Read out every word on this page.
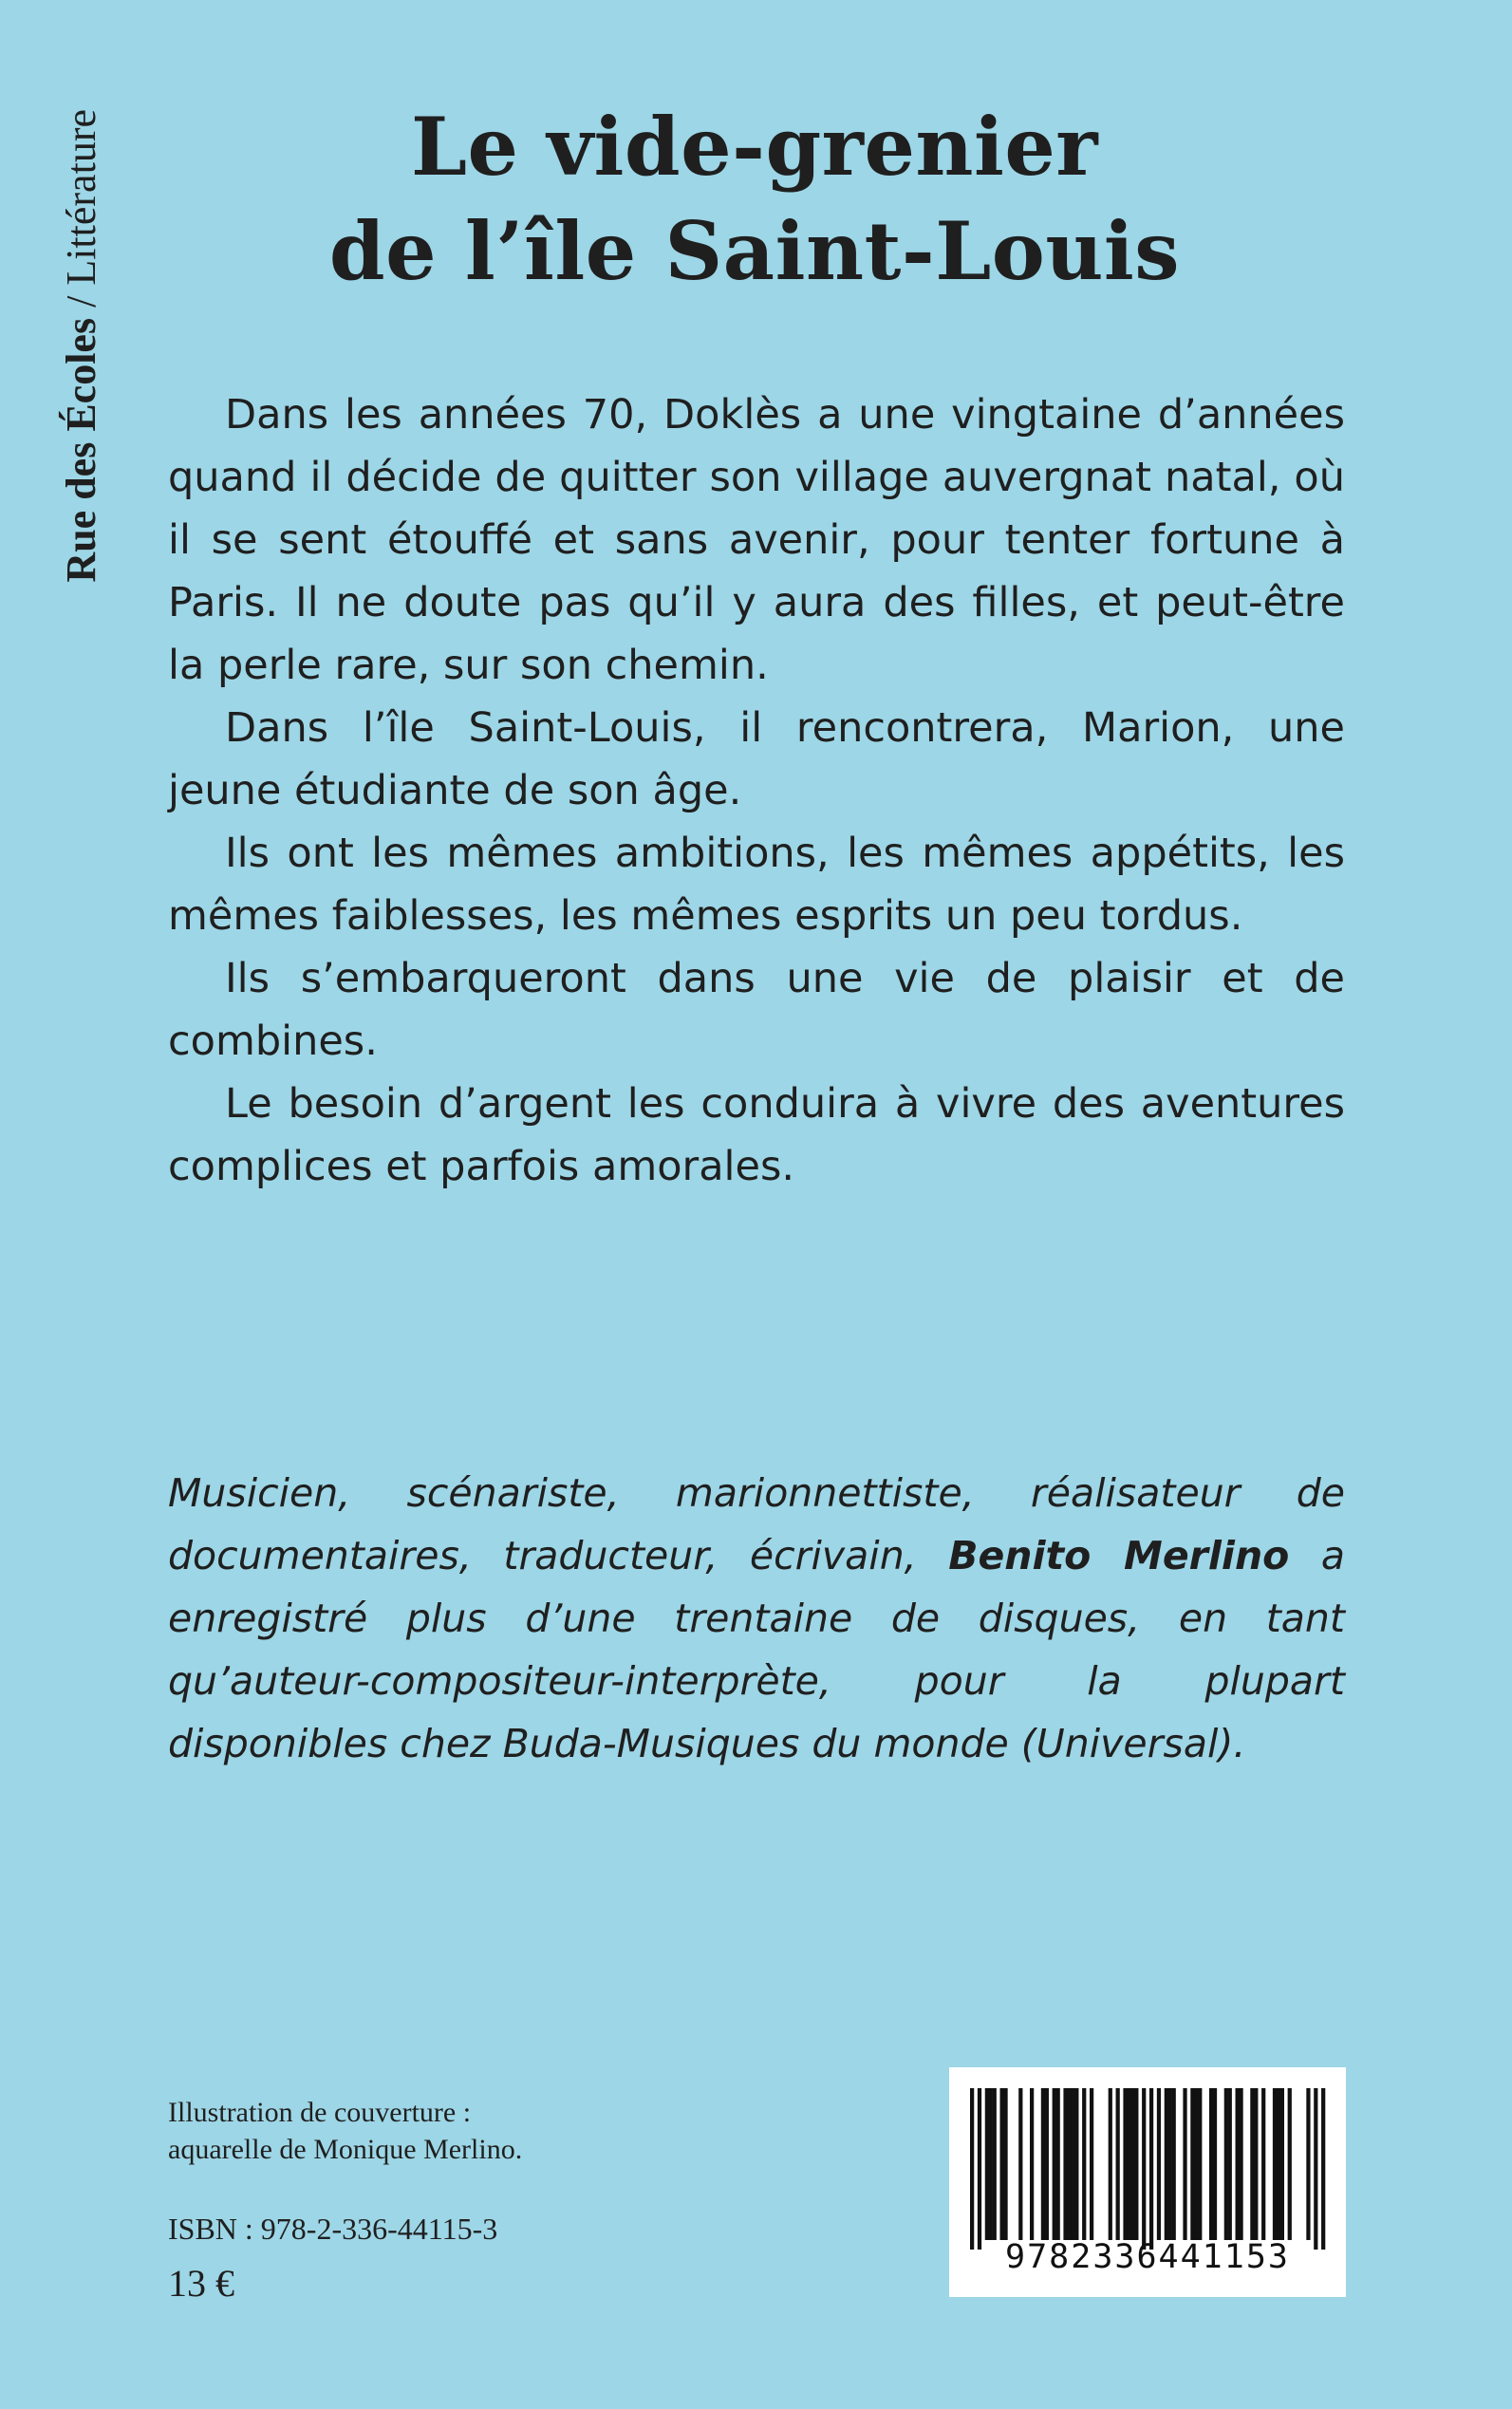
Rue des Écoles / Littérature	Le vide-grenier
de l’île Saint-Louis

Dans les années 70, Doklès a une vingtaine d’années quand il décide de quitter son village auvergnat natal, où il se sent étouffé et sans avenir, pour tenter fortune à Paris. Il ne doute pas qu’il y aura des filles, et peut-être la perle rare, sur son chemin.

Dans l’île Saint-Louis, il rencontrera, Marion, une jeune étudiante de son âge.

Ils ont les mêmes ambitions, les mêmes appétits, les mêmes faiblesses, les mêmes esprits un peu tordus.

Ils s’embarqueront dans une vie de plaisir et de combines.

Le besoin d’argent les conduira à vivre des aventures complices et parfois amorales.

Musicien, scénariste, marionnettiste, réalisateur de documentaires, traducteur, écrivain, Benito Merlino a enregistré plus d’une trentaine de disques, en tant qu’auteur-compositeur-interprète, pour la plupart disponibles chez Buda-Musiques du monde (Universal).

Illustration de couverture :
aquarelle de Monique Merlino.
ISBN : 978-2-336-44115-3
13 €
9782336441153
